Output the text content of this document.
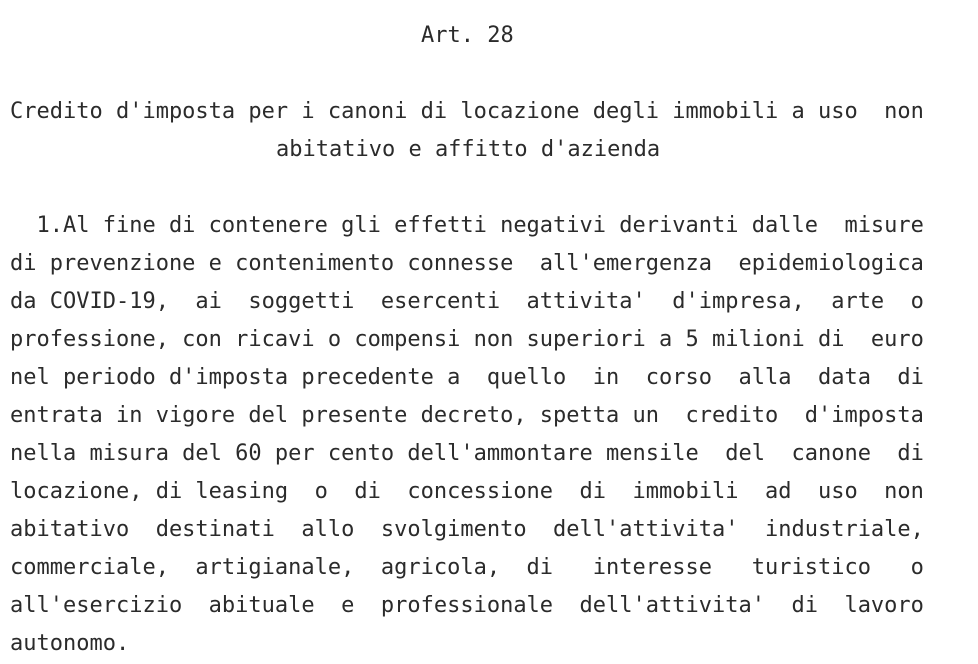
Art. 28
Credito d'imposta per i canoni di locazione degli immobili a uso  non
abitativo e affitto d'azienda
1.Al fine di contenere gli effetti negativi derivanti dalle  misure
di prevenzione e contenimento connesse  all'emergenza  epidemiologica
da COVID-19,  ai  soggetti  esercenti  attivita'  d'impresa,  arte  o
professione, con ricavi o compensi non superiori a 5 milioni di  euro
nel periodo d'imposta precedente a  quello  in  corso  alla  data  di
entrata in vigore del presente decreto, spetta un  credito  d'imposta
nella misura del 60 per cento dell'ammontare mensile  del  canone  di
locazione, di leasing  o  di  concessione  di  immobili  ad  uso  non
abitativo  destinati  allo  svolgimento  dell'attivita'  industriale,
commerciale,  artigianale,  agricola,  di   interesse   turistico   o
all'esercizio  abituale  e  professionale  dell'attivita'  di  lavoro
autonomo.
